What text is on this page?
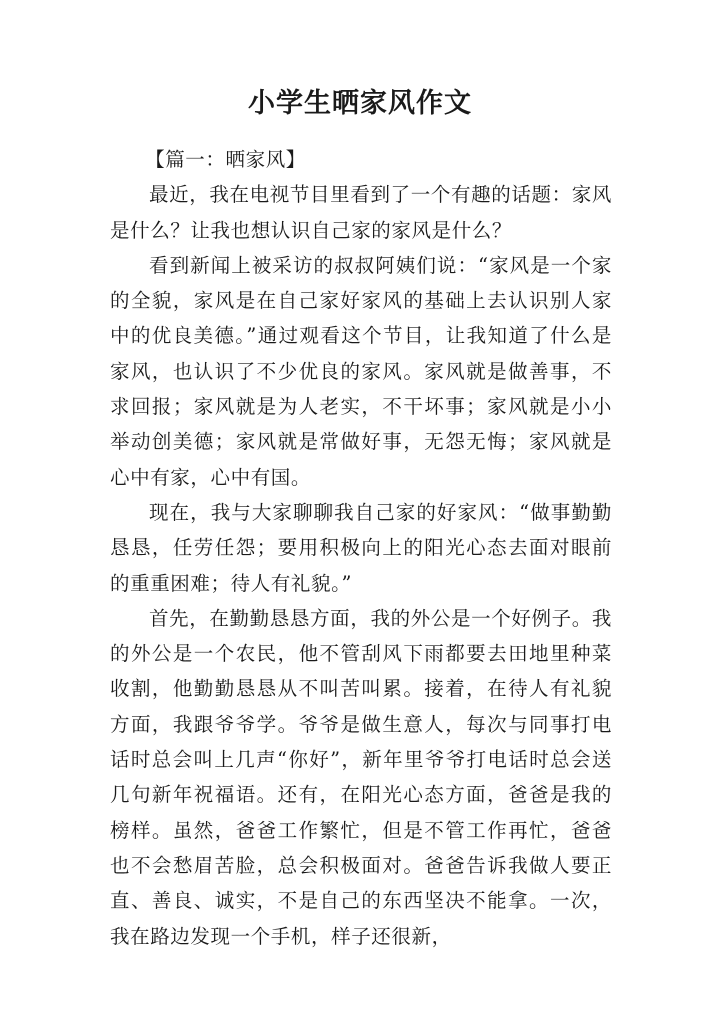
小学生晒家风作文

【篇一：晒家风】

最近，我在电视节目里看到了一个有趣的话题：家风是什么？让我也想认识自己家的家风是什么？

看到新闻上被采访的叔叔阿姨们说：“家风是一个家的全貌，家风是在自己家好家风的基础上去认识别人家中的优良美德。”通过观看这个节目，让我知道了什么是家风，也认识了不少优良的家风。家风就是做善事，不求回报；家风就是为人老实，不干坏事；家风就是小小举动创美德；家风就是常做好事，无怨无悔；家风就是心中有家，心中有国。

现在，我与大家聊聊我自己家的好家风：“做事勤勤恳恳，任劳任怨；要用积极向上的阳光心态去面对眼前的重重困难；待人有礼貌。”

首先，在勤勤恳恳方面，我的外公是一个好例子。我的外公是一个农民，他不管刮风下雨都要去田地里种菜收割，他勤勤恳恳从不叫苦叫累。接着，在待人有礼貌方面，我跟爷爷学。爷爷是做生意人，每次与同事打电话时总会叫上几声“你好”，新年里爷爷打电话时总会送几句新年祝福语。还有，在阳光心态方面，爸爸是我的榜样。虽然，爸爸工作繁忙，但是不管工作再忙，爸爸也不会愁眉苦脸，总会积极面对。爸爸告诉我做人要正直、善良、诚实，不是自己的东西坚决不能拿。一次，我在路边发现一个手机，样子还很新，
